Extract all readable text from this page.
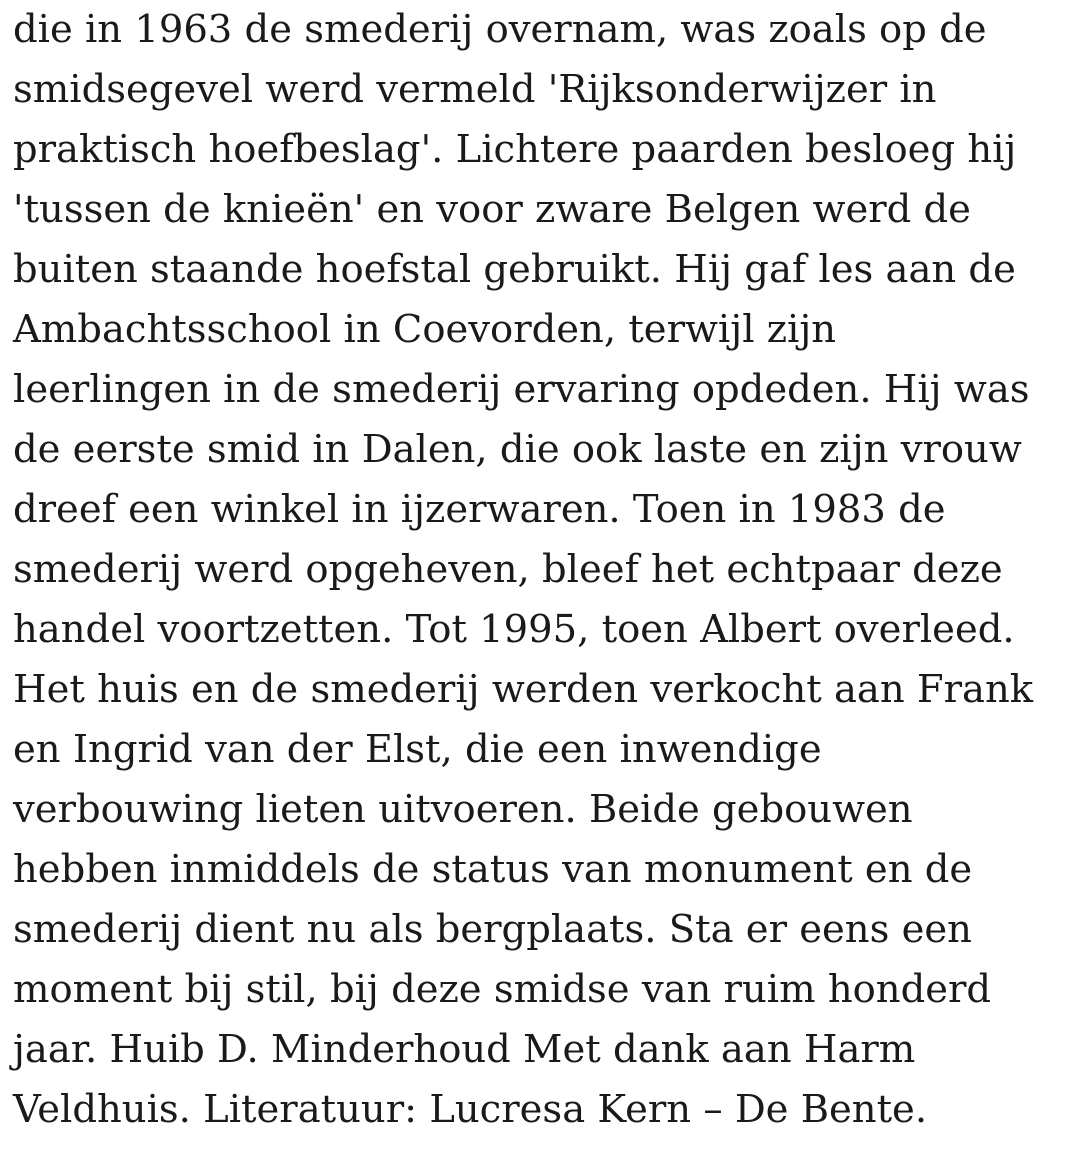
die in 1963 de smederij overnam, was zoals op de
smidsegevel werd vermeld 'Rijksonderwijzer in
praktisch hoefbeslag'. Lichtere paarden besloeg hij
'tussen de knieën' en voor zware Belgen werd de
buiten staande hoefstal gebruikt. Hij gaf les aan de
Ambachtsschool in Coevorden, terwijl zijn
leerlingen in de smederij ervaring opdeden. Hij was
de eerste smid in Dalen, die ook laste en zijn vrouw
dreef een winkel in ijzerwaren. Toen in 1983 de
smederij werd opgeheven, bleef het echtpaar deze
handel voortzetten. Tot 1995, toen Albert overleed.
Het huis en de smederij werden verkocht aan Frank
en Ingrid van der Elst, die een inwendige
verbouwing lieten uitvoeren. Beide gebouwen
hebben inmiddels de status van monument en de
smederij dient nu als bergplaats. Sta er eens een
moment bij stil, bij deze smidse van ruim honderd
jaar. Huib D. Minderhoud Met dank aan Harm
Veldhuis. Literatuur: Lucresa Kern – De Bente.
